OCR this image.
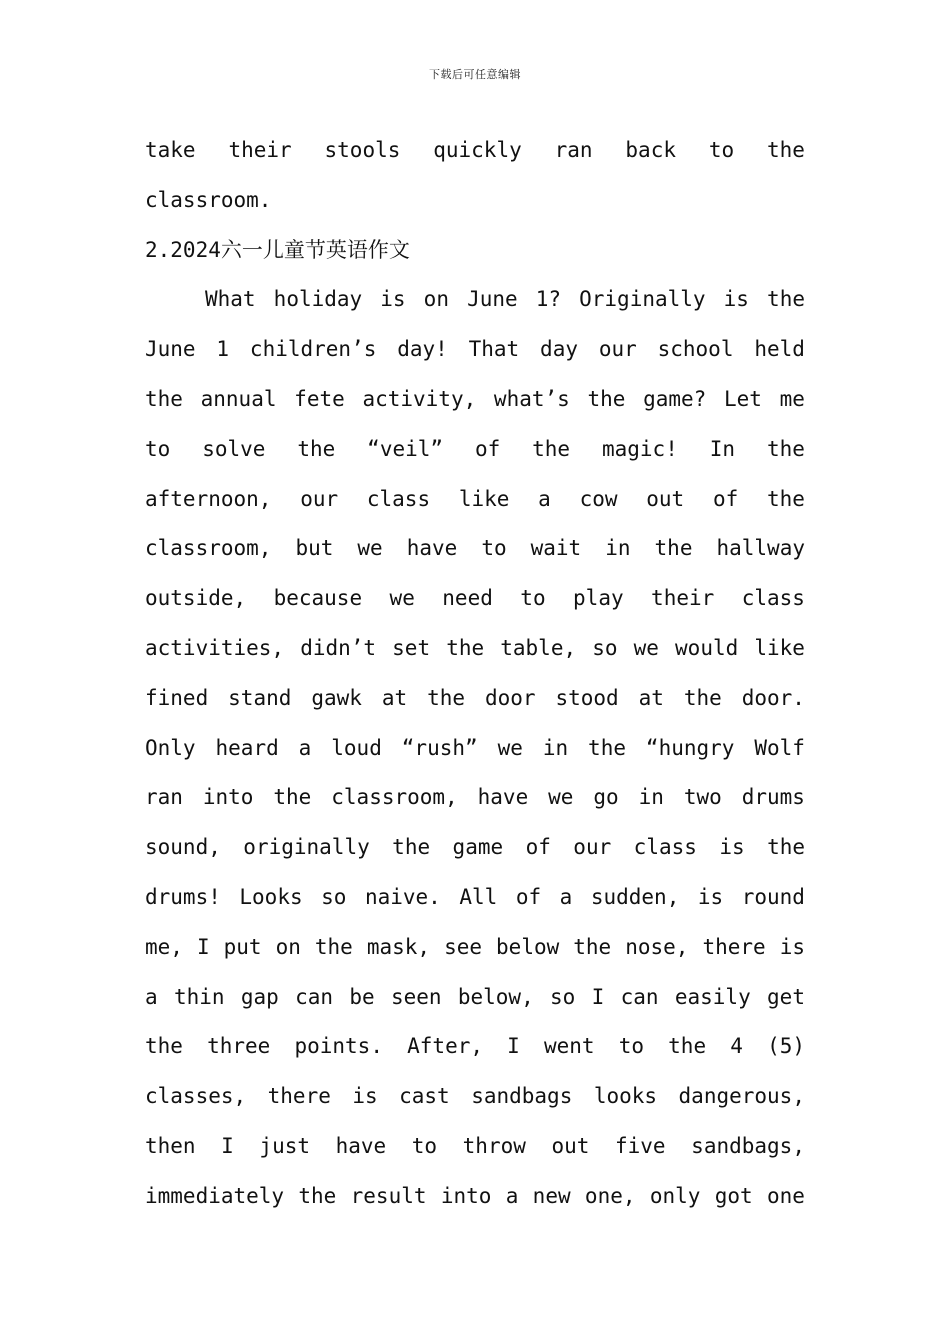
下载后可任意编辑
take their stools quickly ran back to the
classroom.
2.2024六一儿童节英语作文
What holiday is on June 1? Originally is the
June 1 children’s day! That day our school held
the annual fete activity, what’s the game? Let me
to solve the “veil” of the magic! In the
afternoon, our class like a cow out of the
classroom, but we have to wait in the hallway
outside, because we need to play their class
activities, didn’t set the table, so we would like
fined stand gawk at the door stood at the door.
Only heard a loud “rush” we in the “hungry Wolf
ran into the classroom, have we go in two drums
sound, originally the game of our class is the
drums! Looks so naive. All of a sudden, is round
me, I put on the mask, see below the nose, there is
a thin gap can be seen below, so I can easily get
the three points. After, I went to the 4 (5)
classes, there is cast sandbags looks dangerous,
then I just have to throw out five sandbags,
immediately the result into a new one, only got one
